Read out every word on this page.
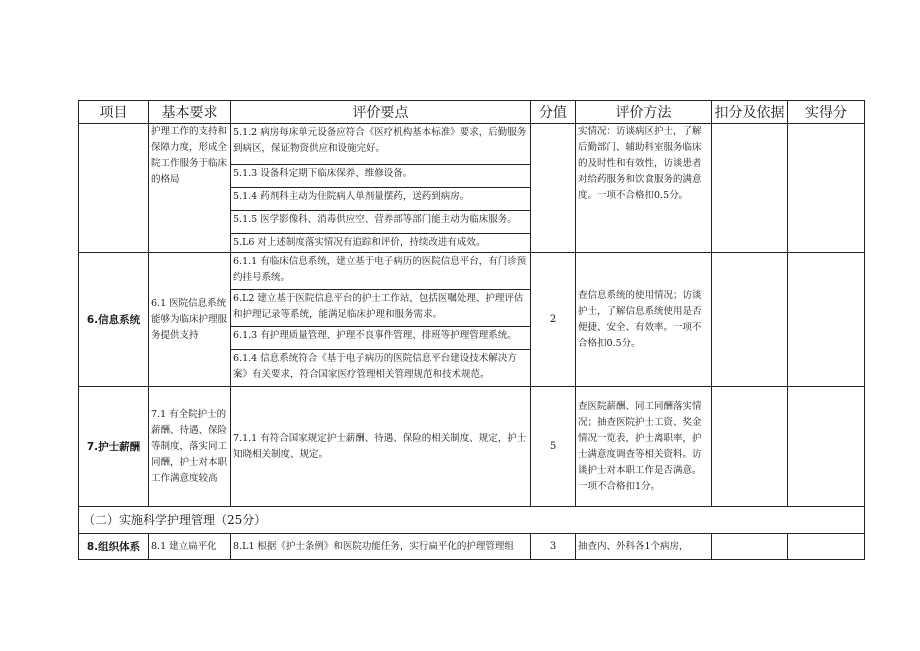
项目	基本要求	评价要点	分值	评价方法	扣分及依据	实得分
	护理工作的支持和保障力度，形成全院工作服务于临床的格局	5.1.2 病房每床单元设备应符合《医疗机构基本标准》要求，后勤服务到病区，保证物资供应和设施完好。
5.1.3 设备科定期下临床保养、维修设备。
5.1.4 药剂科主动为住院病人单剂量摆药，送药到病房。
5.1.5 医学影像科、消毒供应空、营养部等部门能主动为临床服务。
5.L6 对上述制度落实情况有追踪和评价，持续改进有成效。		实情况：访谈病区护士，了解后勤部门、辅助科室服务临床的及时性和有效性，访谈患者对给药服务和饮食服务的满意度。一项不合格扣0.5分。		
6.信息系统	6.1 医院信息系统能够为临床护理服务提供支持	6.1.1 有临床信息系统，建立基于电子病历的医院信息平台，有门诊预约挂号系统。
6.L2 建立基于医院信息平台的护士工作站，包括医嘱处理、护理评估和护理记录等系统，能满足临床护理和服务需求。
6.1.3 有护理质量管理、护理不良事件管理、排班等护理管理系统。
6.1.4 信息系统符合《基于电子病历的医院信息平台建设技术解决方案》有关要求，符合国家医疗管理相关管理规范和技术规范。	2	查信息系统的使用情况；访谈护士，了解信息系统使用是否便捷、安全、有效率。一项不合格扣0.5分。		
7.护士薪酬	7.1 有全院护士的薪酬、待遇、保险等制度，落实同工同酬，护士对本职工作满意度较高	7.1.1 有符合国家规定护士薪酬、待遇、保险的相关制度、规定，护士知晓相关制度、规定。	5	查医院薪酬、同工同酬落实情况；抽查医院护士工资、奖金情况一览表，护士离职率，护士满意度调查等相关资料。访谈护士对本职工作是否满意。一项不合格扣1分。		
（二）实施科学护理管理（25分）						
8.组织体系	8.1 建立扁平化	8.L1 根据《护士条例》和医院功能任务，实行扁平化的护理管理组	3	抽查内、外科各1个病房，		
